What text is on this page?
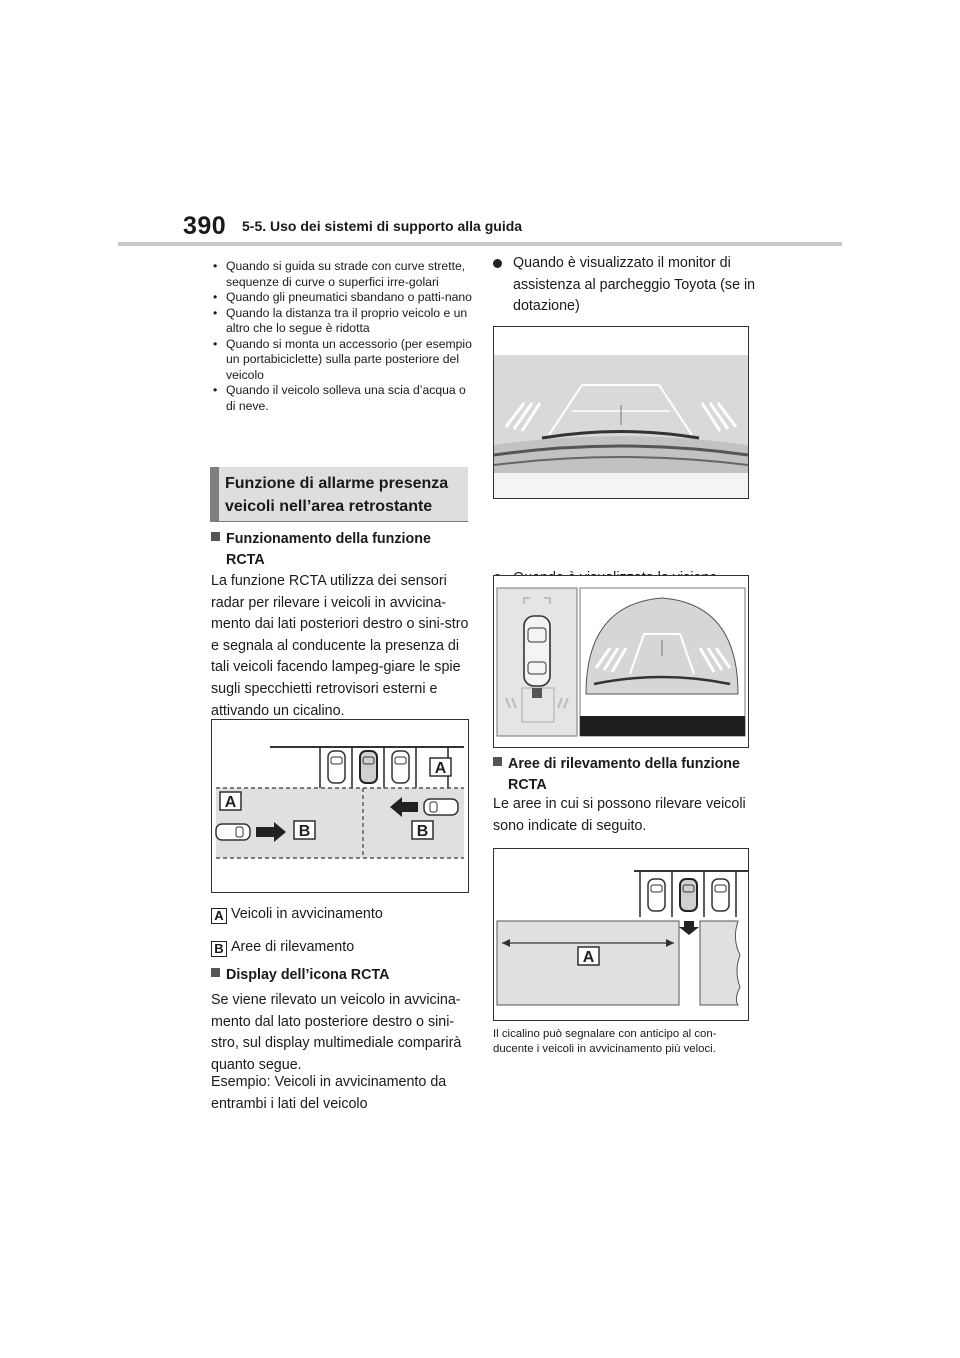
390 5-5. Uso dei sistemi di supporto alla guida
• Quando si guida su strade con curve strette, sequenze di curve o superfici irre-golari
• Quando gli pneumatici sbandano o patti-nano
• Quando la distanza tra il proprio veicolo e un altro che lo segue è ridotta
• Quando si monta un accessorio (per esempio un portabiciclette) sulla parte posteriore del veicolo
• Quando il veicolo solleva una scia d’acqua o di neve.
Funzione di allarme presenza
veicoli nell’area retrostante
Funzionamento della funzione
RCTA

La funzione RCTA utilizza dei sensori radar per rilevare i veicoli in avvicina-mento dai lati posteriori destro o sini-stro e segnala al conducente la presenza di tali veicoli facendo lampeg-giare le spie sugli specchietti retrovisori esterni e attivando un cicalino.

A
A
B	B
A Veicoli in avvicinamento
B Aree di rilevamento
Display dell’icona RCTA

Se viene rilevato un veicolo in avvicina-mento dal lato posteriore destro o sini-stro, sul display multimediale comparirà quanto segue.

Esempio: Veicoli in avvicinamento da entrambi i lati del veicolo

Quando è visualizzato il monitor di assistenza al parcheggio Toyota (se in dotazione)
Aree di rilevamento della funzione
RCTA

Le aree in cui si possono rilevare veicoli sono indicate di seguito.

A
Il cicalino può segnalare con anticipo al con-ducente i veicoli in avvicinamento più veloci.
